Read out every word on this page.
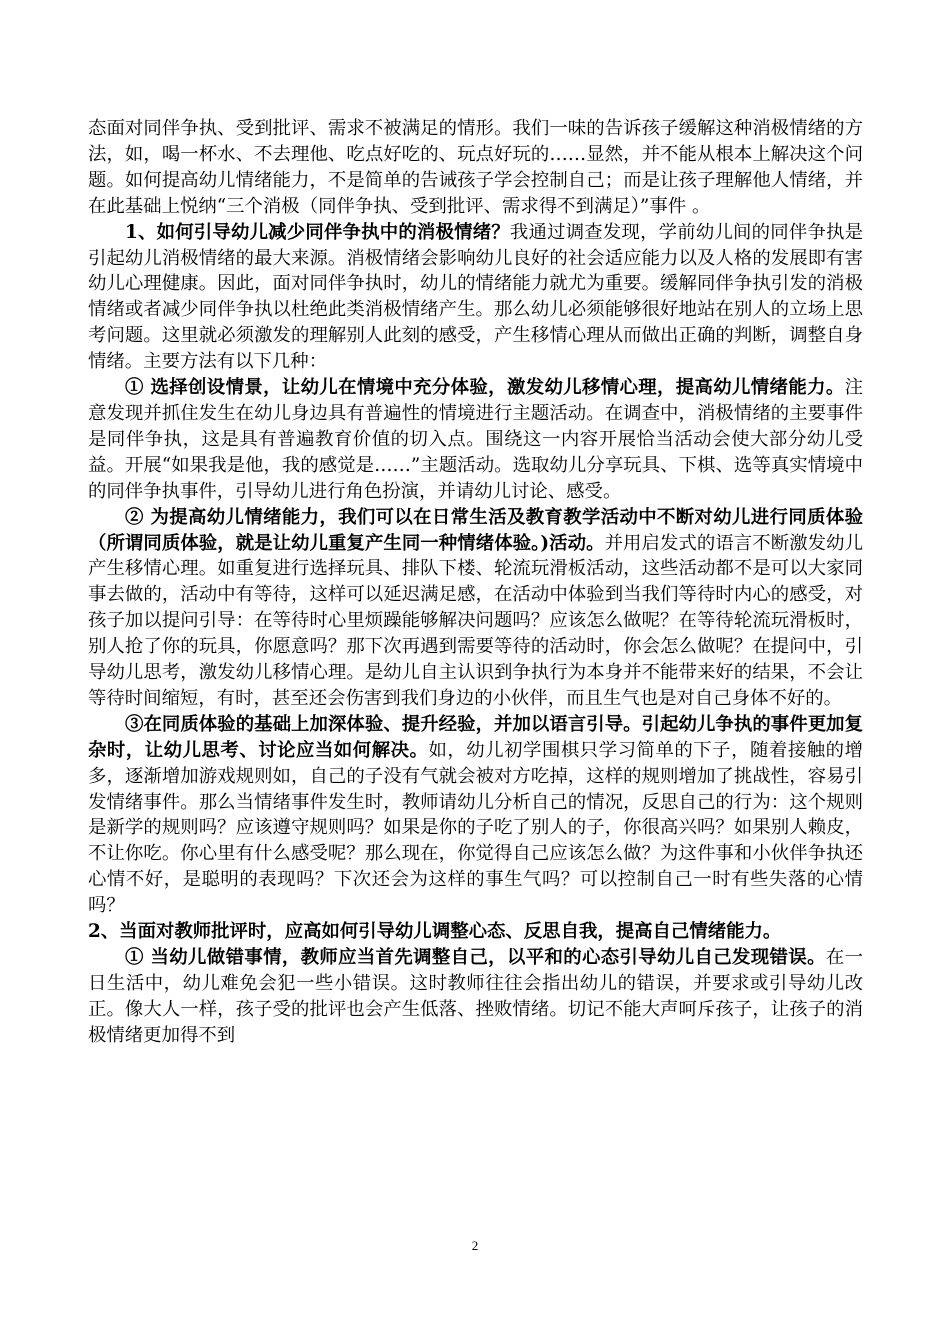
态面对同伴争执、受到批评、需求不被满足的情形。我们一味的告诉孩子缓解这种消极情绪的方法，如，喝一杯水、不去理他、吃点好吃的、玩点好玩的……显然，并不能从根本上解决这个问题。如何提高幼儿情绪能力，不是简单的告诫孩子学会控制自己；而是让孩子理解他人情绪，并在此基础上悦纳“三个消极（同伴争执、受到批评、需求得不到满足）”事件 。

1、如何引导幼儿减少同伴争执中的消极情绪？我通过调查发现，学前幼儿间的同伴争执是引起幼儿消极情绪的最大来源。消极情绪会影响幼儿良好的社会适应能力以及人格的发展即有害幼儿心理健康。因此，面对同伴争执时，幼儿的情绪能力就尤为重要。缓解同伴争执引发的消极情绪或者减少同伴争执以杜绝此类消极情绪产生。那么幼儿必须能够很好地站在别人的立场上思考问题。这里就必须激发的理解别人此刻的感受，产生移情心理从而做出正确的判断，调整自身情绪。主要方法有以下几种：

① 选择创设情景，让幼儿在情境中充分体验，激发幼儿移情心理，提高幼儿情绪能力。注意发现并抓住发生在幼儿身边具有普遍性的情境进行主题活动。在调查中，消极情绪的主要事件是同伴争执，这是具有普遍教育价值的切入点。围绕这一内容开展恰当活动会使大部分幼儿受益。开展“如果我是他，我的感觉是……”主题活动。选取幼儿分享玩具、下棋、选等真实情境中的同伴争执事件，引导幼儿进行角色扮演，并请幼儿讨论、感受。

② 为提高幼儿情绪能力，我们可以在日常生活及教育教学活动中不断对幼儿进行同质体验（所谓同质体验，就是让幼儿重复产生同一种情绪体验。)活动。并用启发式的语言不断激发幼儿产生移情心理。如重复进行选择玩具、排队下楼、轮流玩滑板活动，这些活动都不是可以大家同事去做的，活动中有等待，这样可以延迟满足感，在活动中体验到当我们等待时内心的感受，对孩子加以提问引导：在等待时心里烦躁能够解决问题吗？应该怎么做呢？在等待轮流玩滑板时，别人抢了你的玩具，你愿意吗？那下次再遇到需要等待的活动时，你会怎么做呢？在提问中，引导幼儿思考，激发幼儿移情心理。是幼儿自主认识到争执行为本身并不能带来好的结果，不会让等待时间缩短，有时，甚至还会伤害到我们身边的小伙伴，而且生气也是对自己身体不好的。

③在同质体验的基础上加深体验、提升经验，并加以语言引导。引起幼儿争执的事件更加复杂时，让幼儿思考、讨论应当如何解决。如，幼儿初学围棋只学习简单的下子，随着接触的增多，逐渐增加游戏规则如，自己的子没有气就会被对方吃掉，这样的规则增加了挑战性，容易引发情绪事件。那么当情绪事件发生时，教师请幼儿分析自己的情况，反思自己的行为：这个规则是新学的规则吗？应该遵守规则吗？如果是你的子吃了别人的子，你很高兴吗？如果别人赖皮，不让你吃。你心里有什么感受呢？那么现在，你觉得自己应该怎么做？为这件事和小伙伴争执还心情不好，是聪明的表现吗？下次还会为这样的事生气吗？可以控制自己一时有些失落的心情吗？

2、当面对教师批评时，应高如何引导幼儿调整心态、反思自我，提高自己情绪能力。

① 当幼儿做错事情，教师应当首先调整自己，以平和的心态引导幼儿自己发现错误。在一日生活中，幼儿难免会犯一些小错误。这时教师往往会指出幼儿的错误，并要求或引导幼儿改正。像大人一样，孩子受的批评也会产生低落、挫败情绪。切记不能大声呵斥孩子，让孩子的消极情绪更加得不到

2
